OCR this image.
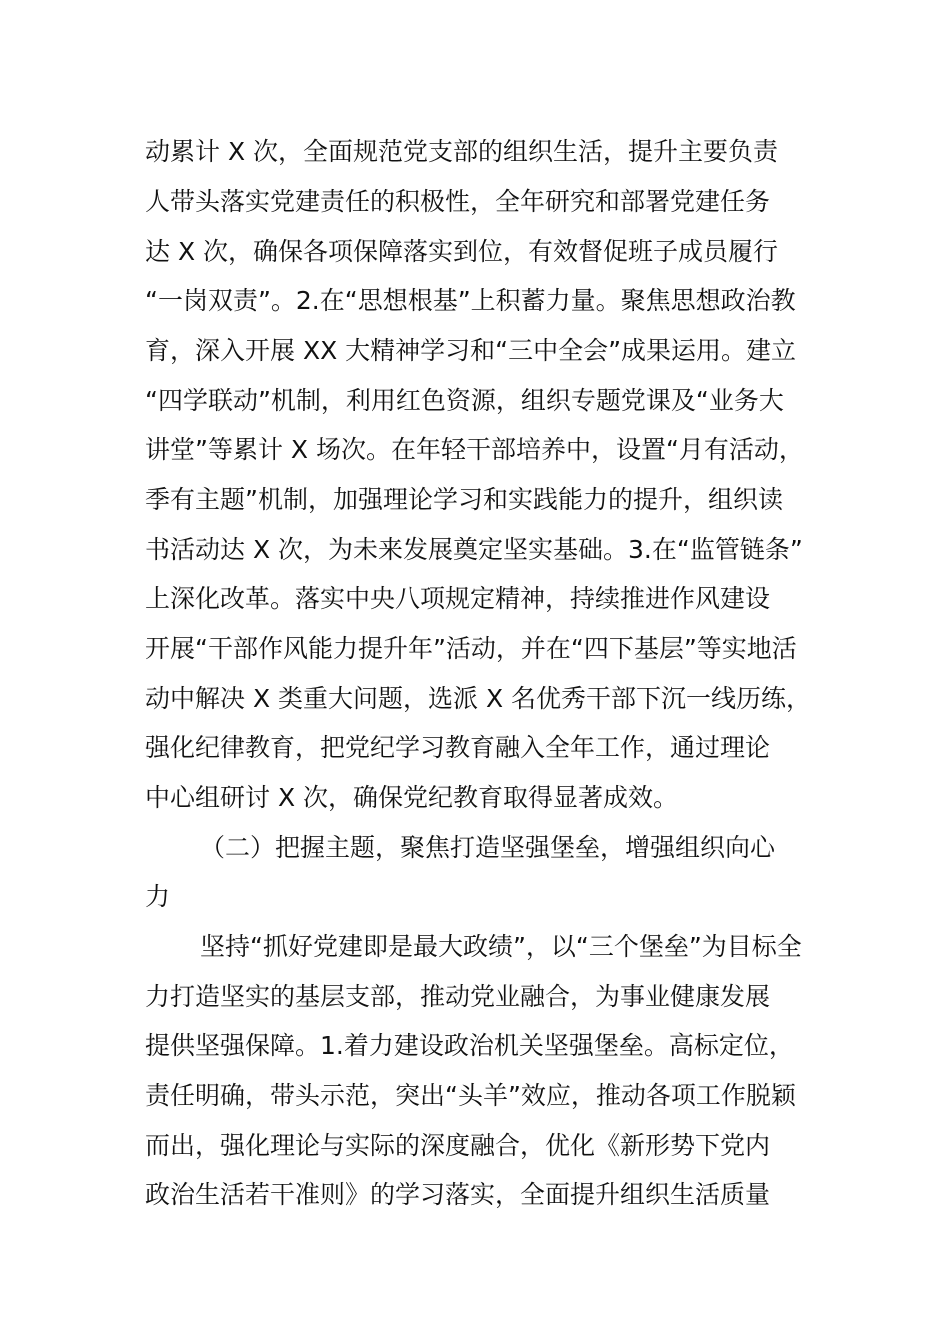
动累计 X 次，全面规范党支部的组织生活，提升主要负责
人带头落实党建责任的积极性，全年研究和部署党建任务
达 X 次，确保各项保障落实到位，有效督促班子成员履行
“一岗双责”。2.在“思想根基”上积蓄力量。聚焦思想政治教
育，深入开展 XX 大精神学习和“三中全会”成果运用。建立
“四学联动”机制，利用红色资源，组织专题党课及“业务大
讲堂”等累计 X 场次。在年轻干部培养中，设置“月有活动，
季有主题”机制，加强理论学习和实践能力的提升，组织读
书活动达 X 次，为未来发展奠定坚实基础。3.在“监管链条”
上深化改革。落实中央八项规定精神，持续推进作风建设
开展“干部作风能力提升年”活动，并在“四下基层”等实地活
动中解决 X 类重大问题，选派 X 名优秀干部下沉一线历练，
强化纪律教育，把党纪学习教育融入全年工作，通过理论
中心组研讨 X 次，确保党纪教育取得显著成效。
（二）把握主题，聚焦打造坚强堡垒，增强组织向心
力
坚持“抓好党建即是最大政绩”，以“三个堡垒”为目标全
力打造坚实的基层支部，推动党业融合，为事业健康发展
提供坚强保障。1.着力建设政治机关坚强堡垒。高标定位，
责任明确，带头示范，突出“头羊”效应，推动各项工作脱颖
而出，强化理论与实际的深度融合，优化《新形势下党内
政治生活若干准则》的学习落实，全面提升组织生活质量
